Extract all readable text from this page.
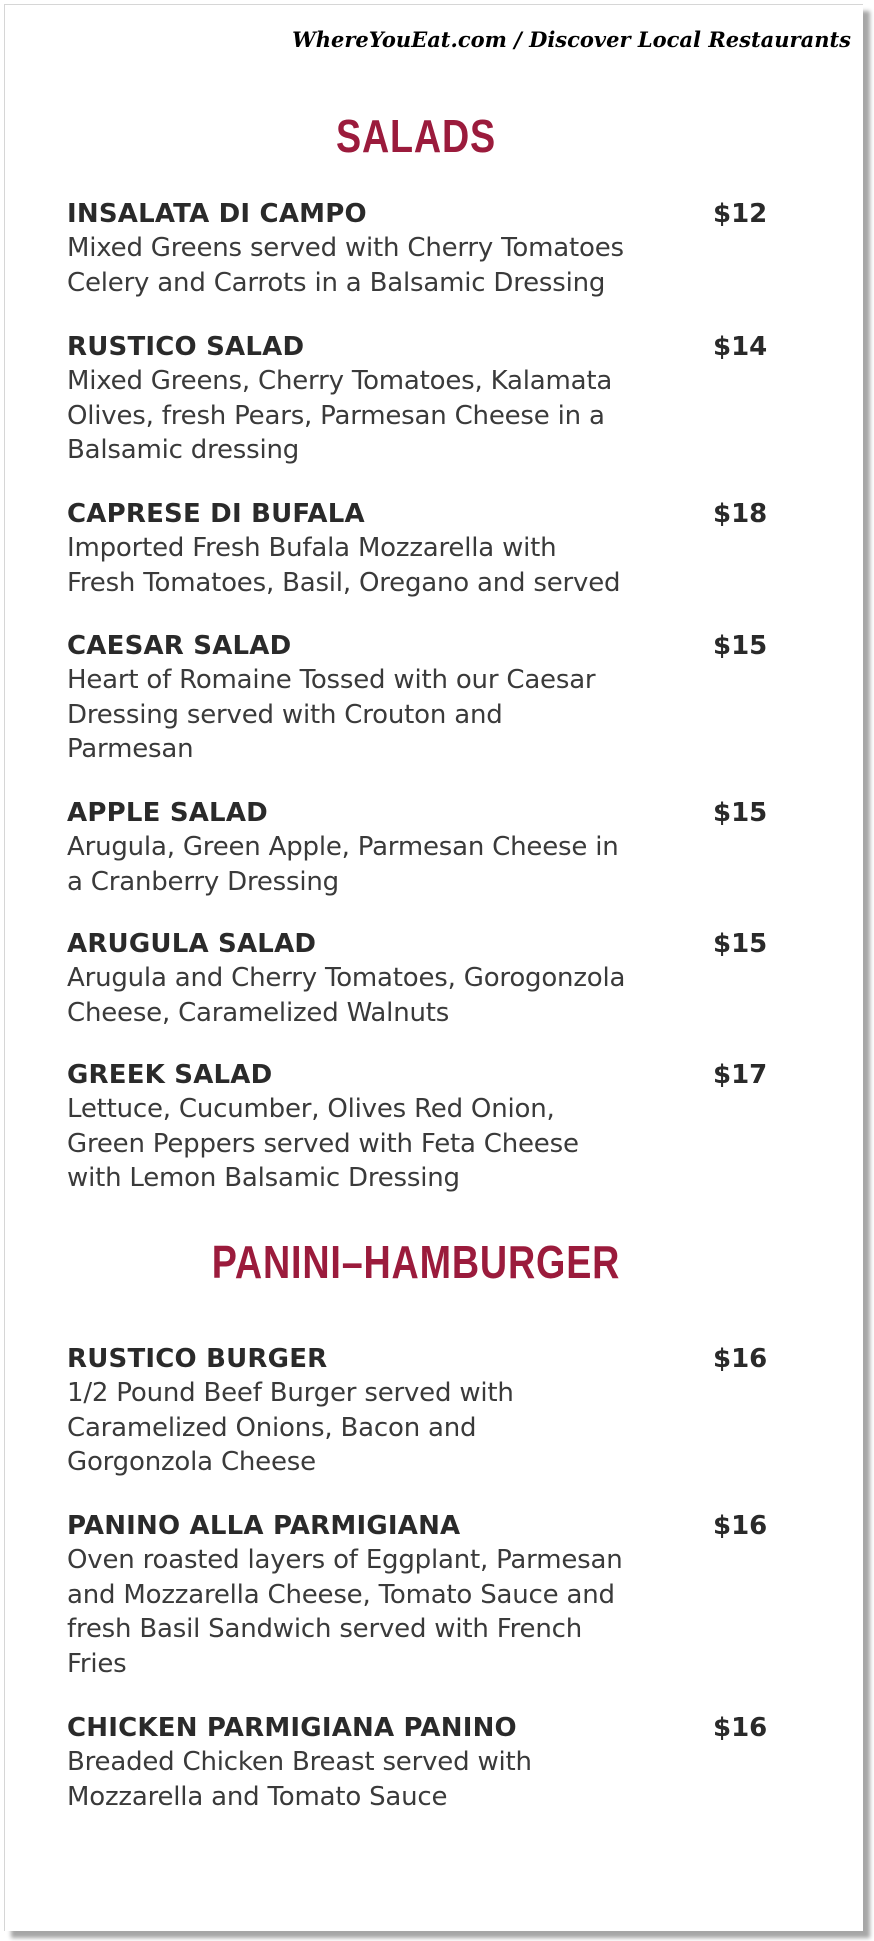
WhereYouEat.com / Discover Local Restaurants
SALADS
INSALATA DI CAMPO	$12
Mixed Greens served with Cherry Tomatoes
Celery and Carrots in a Balsamic Dressing
RUSTICO SALAD	$14
Mixed Greens, Cherry Tomatoes, Kalamata
Olives, fresh Pears, Parmesan Cheese in a
Balsamic dressing
CAPRESE DI BUFALA	$18
Imported Fresh Bufala Mozzarella with
Fresh Tomatoes, Basil, Oregano and served
CAESAR SALAD	$15
Heart of Romaine Tossed with our Caesar
Dressing served with Crouton and
Parmesan
APPLE SALAD	$15
Arugula, Green Apple, Parmesan Cheese in
a Cranberry Dressing
ARUGULA SALAD	$15
Arugula and Cherry Tomatoes, Gorogonzola
Cheese, Caramelized Walnuts
GREEK SALAD	$17
Lettuce, Cucumber, Olives Red Onion,
Green Peppers served with Feta Cheese
with Lemon Balsamic Dressing
PANINI–HAMBURGER
RUSTICO BURGER	$16
1/2 Pound Beef Burger served with
Caramelized Onions, Bacon and
Gorgonzola Cheese
PANINO ALLA PARMIGIANA	$16
Oven roasted layers of Eggplant, Parmesan
and Mozzarella Cheese, Tomato Sauce and
fresh Basil Sandwich served with French
Fries
CHICKEN PARMIGIANA PANINO	$16
Breaded Chicken Breast served with
Mozzarella and Tomato Sauce
